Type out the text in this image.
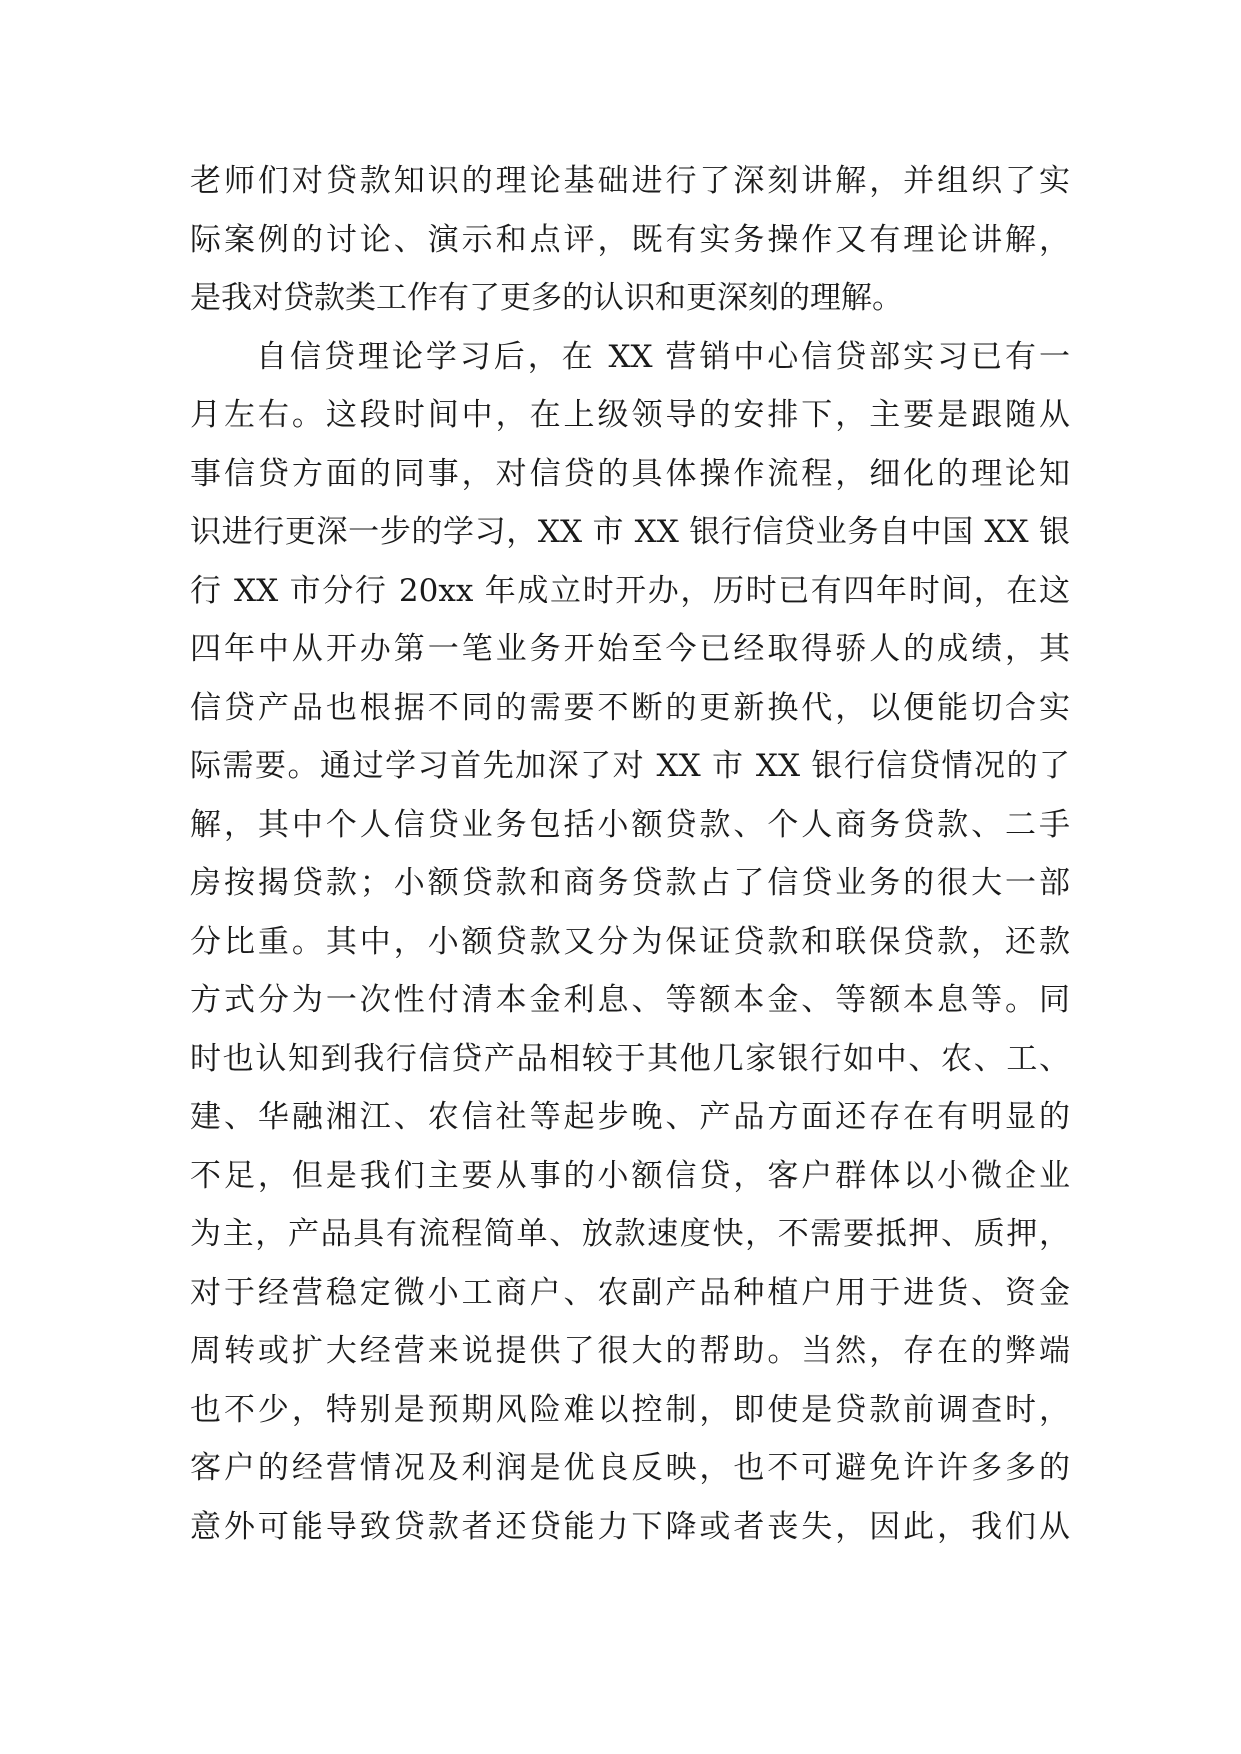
老师们对贷款知识的理论基础进行了深刻讲解，并组织了实
际案例的讨论、演示和点评，既有实务操作又有理论讲解，
是我对贷款类工作有了更多的认识和更深刻的理解。
自信贷理论学习后，在 XX 营销中心信贷部实习已有一
月左右。这段时间中，在上级领导的安排下，主要是跟随从
事信贷方面的同事，对信贷的具体操作流程，细化的理论知
识进行更深一步的学习，XX 市 XX 银行信贷业务自中国 XX 银
行 XX 市分行 20xx 年成立时开办，历时已有四年时间，在这
四年中从开办第一笔业务开始至今已经取得骄人的成绩，其
信贷产品也根据不同的需要不断的更新换代，以便能切合实
际需要。通过学习首先加深了对 XX 市 XX 银行信贷情况的了
解，其中个人信贷业务包括小额贷款、个人商务贷款、二手
房按揭贷款；小额贷款和商务贷款占了信贷业务的很大一部
分比重。其中，小额贷款又分为保证贷款和联保贷款，还款
方式分为一次性付清本金利息、等额本金、等额本息等。同
时也认知到我行信贷产品相较于其他几家银行如中、农、工、
建、华融湘江、农信社等起步晚、产品方面还存在有明显的
不足，但是我们主要从事的小额信贷，客户群体以小微企业
为主，产品具有流程简单、放款速度快，不需要抵押、质押，
对于经营稳定微小工商户、农副产品种植户用于进货、资金
周转或扩大经营来说提供了很大的帮助。当然，存在的弊端
也不少，特别是预期风险难以控制，即使是贷款前调查时，
客户的经营情况及利润是优良反映，也不可避免许许多多的
意外可能导致贷款者还贷能力下降或者丧失，因此，我们从
